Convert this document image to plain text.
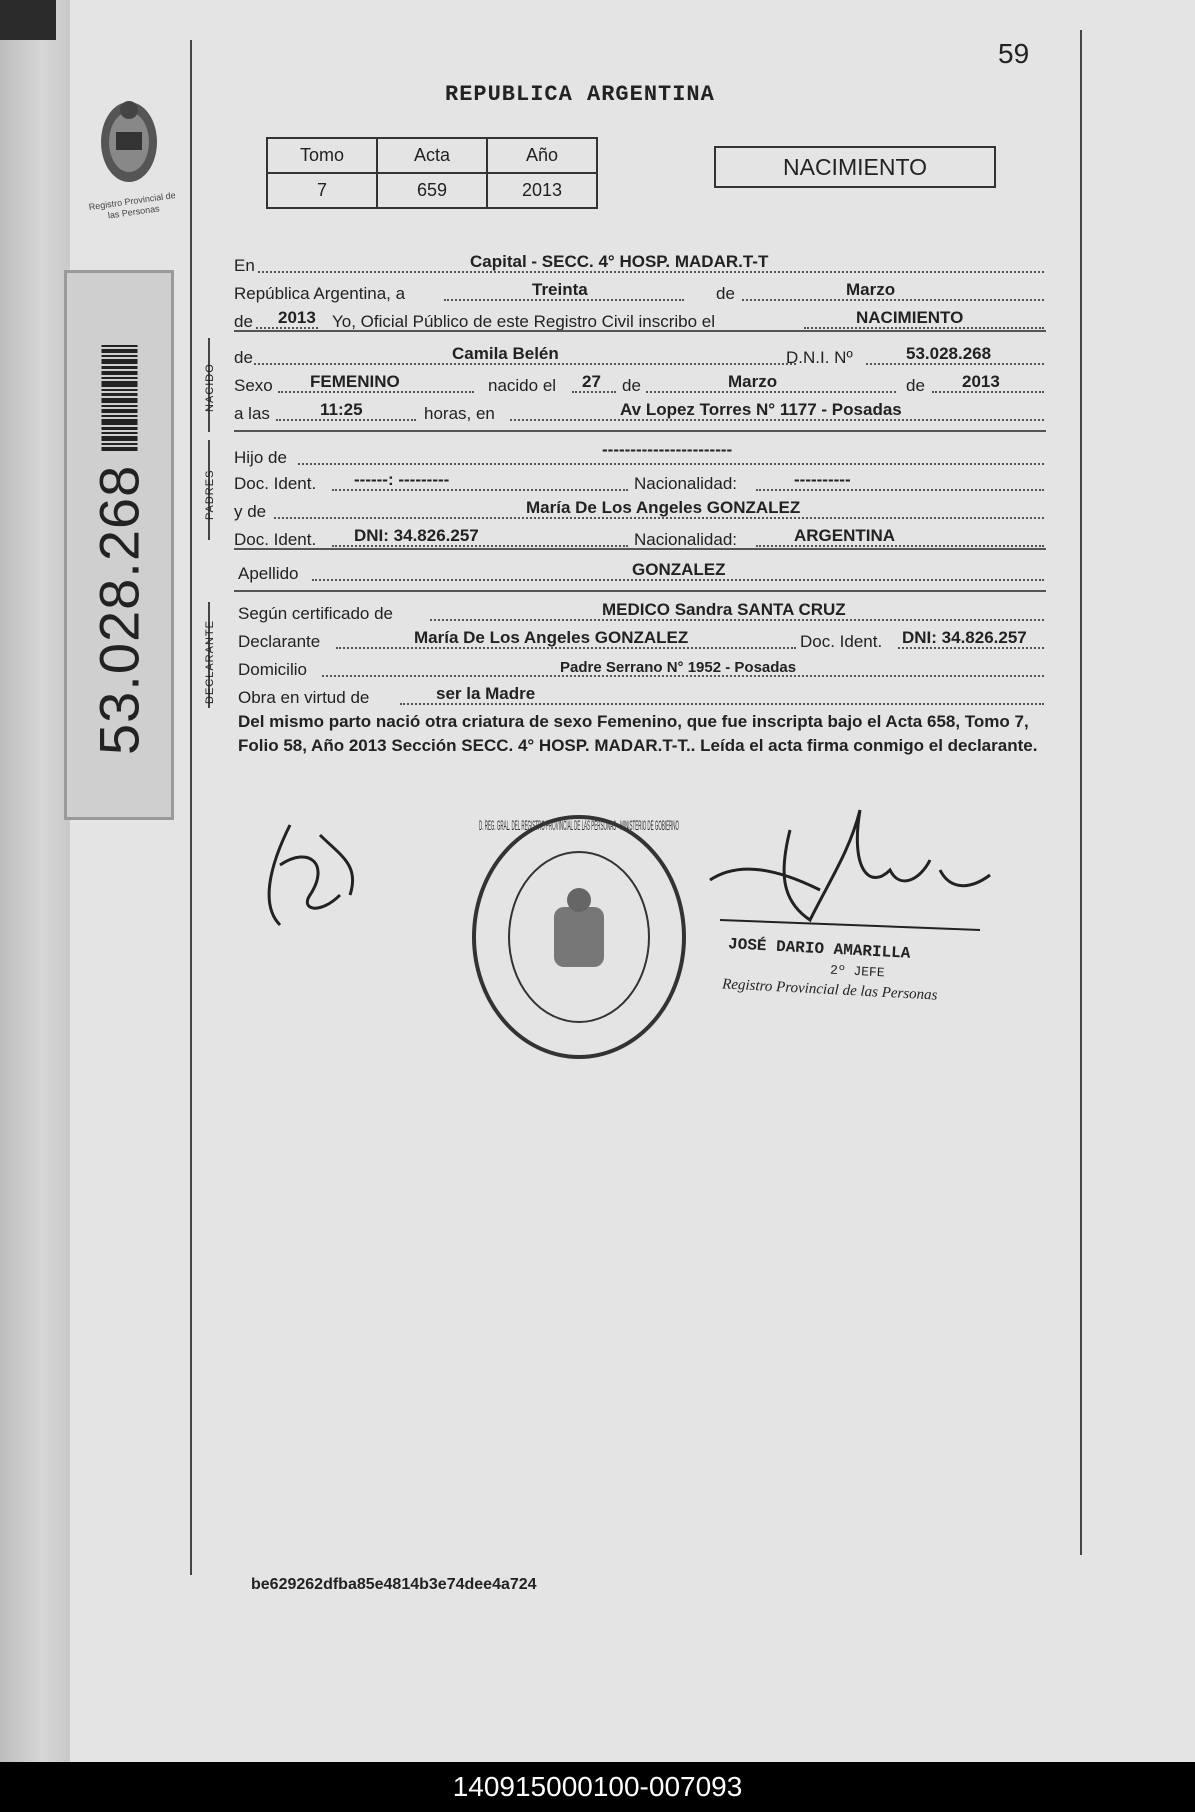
Registro Provincial de las Personas
53.028.268
59
REPUBLICA ARGENTINA
Tomo	Acta	Año
7	659	2013
NACIMIENTO
En	Capital - SECC. 4° HOSP. MADAR.T-T
República Argentina, a	Treinta	de	Marzo
de 2013 Yo, Oficial Público de este Registro Civil inscribo el	NACIMIENTO
NACIDO
de	Camila Belén	D.N.I. Nº	53.028.268
Sexo FEMENINO	nacido el 27 de	Marzo	de 2013
a las	11:25	horas, en	Av Lopez Torres N° 1177 - Posadas
PADRES
Hijo de	-----------------------
Doc. Ident. ------: ---------	Nacionalidad:	----------
y de	María De Los Angeles GONZALEZ
Doc. Ident. DNI: 34.826.257	Nacionalidad:	ARGENTINA
Apellido	GONZALEZ
DECLARANTE
Según certificado de	MEDICO Sandra SANTA CRUZ
Declarante	María De Los Angeles GONZALEZ	Doc. Ident. DNI: 34.826.257
Domicilio	Padre Serrano N° 1952 - Posadas
Obra en virtud de	ser la Madre
Del mismo parto nació otra criatura de sexo Femenino, que fue inscripta bajo el Acta 658, Tomo 7, Folio 58, Año 2013 Sección SECC. 4° HOSP. MADAR.T-T.. Leída el acta firma conmigo el declarante.
D. REG. GRAL. DEL REGISTRO PROVINCIAL DE LAS PERSONAS · MINISTERIO DE GOBIERNO
JOSÉ DARIO AMARILLA
2º JEFE
Registro Provincial de las Personas
be629262dfba85e4814b3e74dee4a724
140915000100-007093
